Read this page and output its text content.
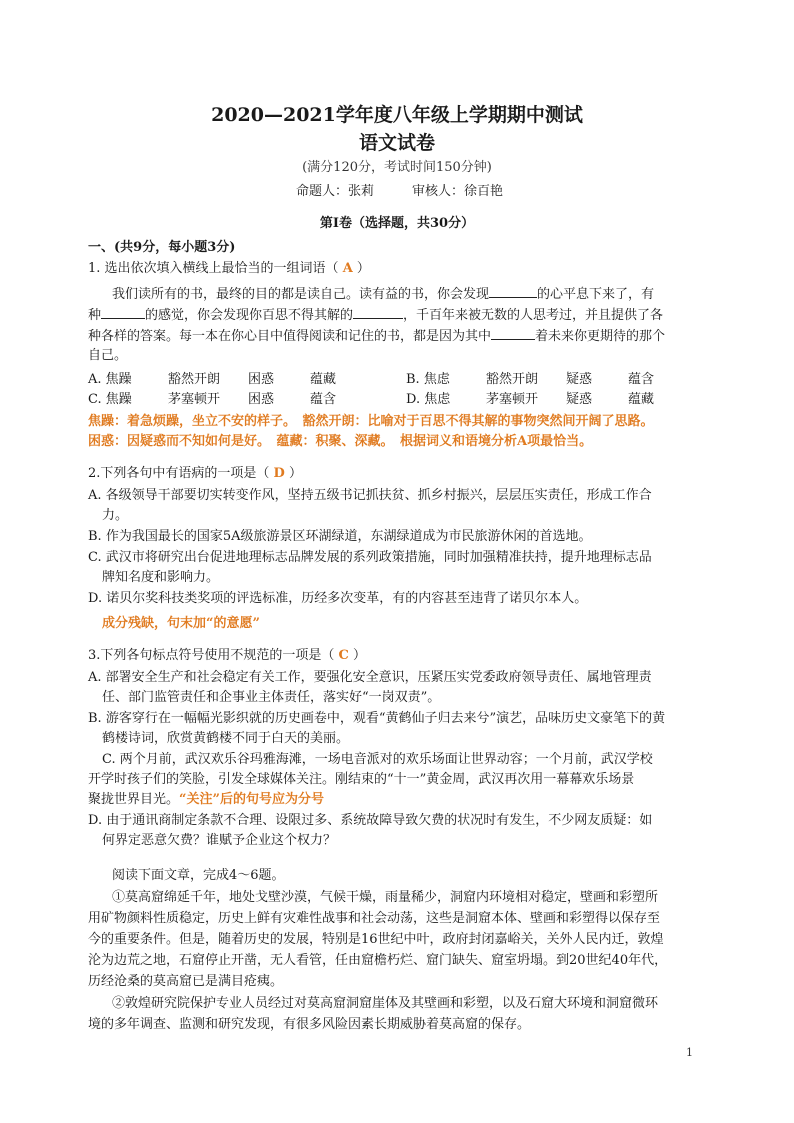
2020—2021学年度八年级上学期期中测试
语文试卷
(满分120分，考试时间150分钟)
命题人：张莉	审核人：徐百艳
第I卷（选择题，共30分）
一、(共9分，每小题3分)
1. 选出依次填入横线上最恰当的一组词语（ A ）
我们读所有的书，最终的目的都是读自己。读有益的书，你会发现	的心平息下来了，有
种	的感觉，你会发现你百思不得其解的	，千百年来被无数的人思考过，并且提供了各
种各样的答案。每一本在你心目中值得阅读和记住的书，都是因为其中	着未来你更期待的那个
自己。
A. 焦躁	豁然开朗 困惑	蕴藏	B. 焦虑	豁然开朗 疑惑	蕴含
C. 焦躁	茅塞顿开 困惑	蕴含	D. 焦虑	茅塞顿开 疑惑	蕴藏
焦躁：着急烦躁，坐立不安的样子。　豁然开朗：比喻对于百思不得其解的事物突然间开阔了思路。
困惑：因疑惑而不知如何是好。　蕴藏：积聚、深藏。　根据词义和语境分析A项最恰当。
2.下列各句中有语病的一项是（ D ）
A. 各级领导干部要切实转变作风，坚持五级书记抓扶贫、抓乡村振兴，层层压实责任，形成工作合
力。
B. 作为我国最长的国家5A级旅游景区环湖绿道，东湖绿道成为市民旅游休闲的首选地。
C. 武汉市将研究出台促进地理标志品牌发展的系列政策措施，同时加强精准扶持，提升地理标志品
牌知名度和影响力。
D. 诺贝尔奖科技类奖项的评选标准，历经多次变革，有的内容甚至违背了诺贝尔本人。
成分残缺，句末加“的意愿”
3.下列各句标点符号使用不规范的一项是（ C ）
A. 部署安全生产和社会稳定有关工作，要强化安全意识，压紧压实党委政府领导责任、属地管理责
任、部门监管责任和企事业主体责任，落实好“一岗双责”。
B. 游客穿行在一幅幅光影织就的历史画卷中，观看“黄鹤仙子归去来兮”演艺，品味历史文豪笔下的黄
鹤楼诗词，欣赏黄鹤楼不同于白天的美丽。
C. 两个月前，武汉欢乐谷玛雅海滩，一场电音派对的欢乐场面让世界动容；一个月前，武汉学校
开学时孩子们的笑脸，引发全球媒体关注。刚结束的“十一”黄金周，武汉再次用一幕幕欢乐场景
聚拢世界目光。“关注”后的句号应为分号
D. 由于通讯商制定条款不合理、设限过多、系统故障导致欠费的状况时有发生，不少网友质疑：如
何界定恶意欠费？谁赋予企业这个权力？
阅读下面文章，完成4～6题。
①莫高窟绵延千年，地处戈壁沙漠，气候干燥，雨量稀少，洞窟内环境相对稳定，壁画和彩塑所
用矿物颜料性质稳定，历史上鲜有灾难性战事和社会动荡，这些是洞窟本体、壁画和彩塑得以保存至
今的重要条件。但是，随着历史的发展，特别是16世纪中叶，政府封闭嘉峪关，关外人民内迁，敦煌
沦为边荒之地，石窟停止开凿，无人看管，任由窟檐朽烂、窟门缺失、窟室坍塌。到20世纪40年代，
历经沧桑的莫高窟已是满目疮痍。
②敦煌研究院保护专业人员经过对莫高窟洞窟崖体及其壁画和彩塑，以及石窟大环境和洞窟微环
境的多年调查、监测和研究发现，有很多风险因素长期威胁着莫高窟的保存。
1
